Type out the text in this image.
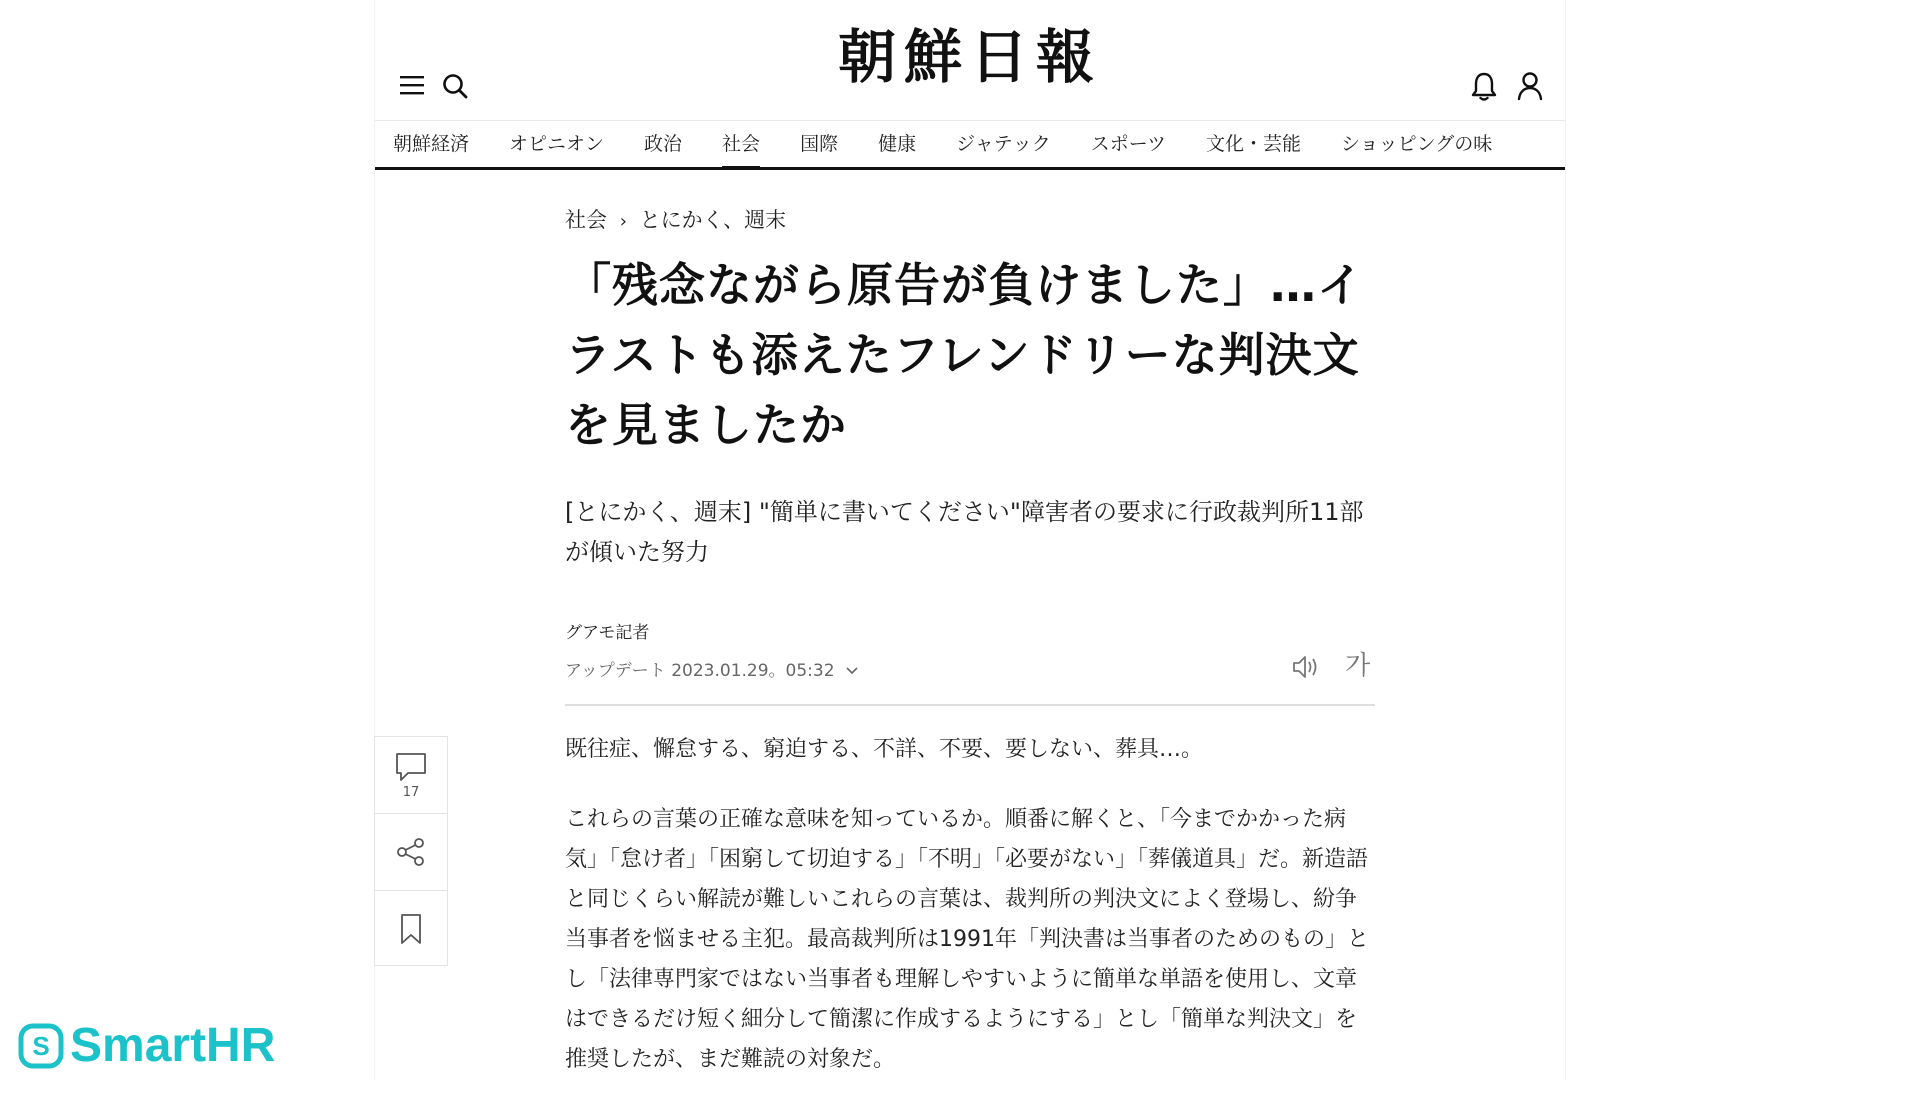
朝鮮日報
朝鮮経済 オピニオン 政治 社会 国際 健康 ジャテック スポーツ 文化・芸能 ショッピングの味
社会 › とにかく、週末
「残念ながら原告が負けました」…イラストも添えたフレンドリーな判決文を見ましたか
[とにかく、週末] "簡単に書いてください"障害者の要求に行政裁判所11部が傾いた努力
グアモ記者
アップデート 2023.01.29。05:32	가

既往症、懈怠する、窮迫する、不詳、不要、要しない、葬具…。

これらの言葉の正確な意味を知っているか。順番に解くと、「今までかかった病気」「怠け者」「困窮して切迫する」「不明」「必要がない」「葬儀道具」だ。新造語と同じくらい解読が難しいこれらの言葉は、裁判所の判決文によく登場し、紛争当事者を悩ませる主犯。最高裁判所は1991年「判決書は当事者のためのもの」とし「法律専門家ではない当事者も理解しやすいように簡単な単語を使用し、文章はできるだけ短く細分して簡潔に作成するようにする」とし「簡単な判決文」を推奨したが、まだ難読の対象だ。

17
S SmartHR
